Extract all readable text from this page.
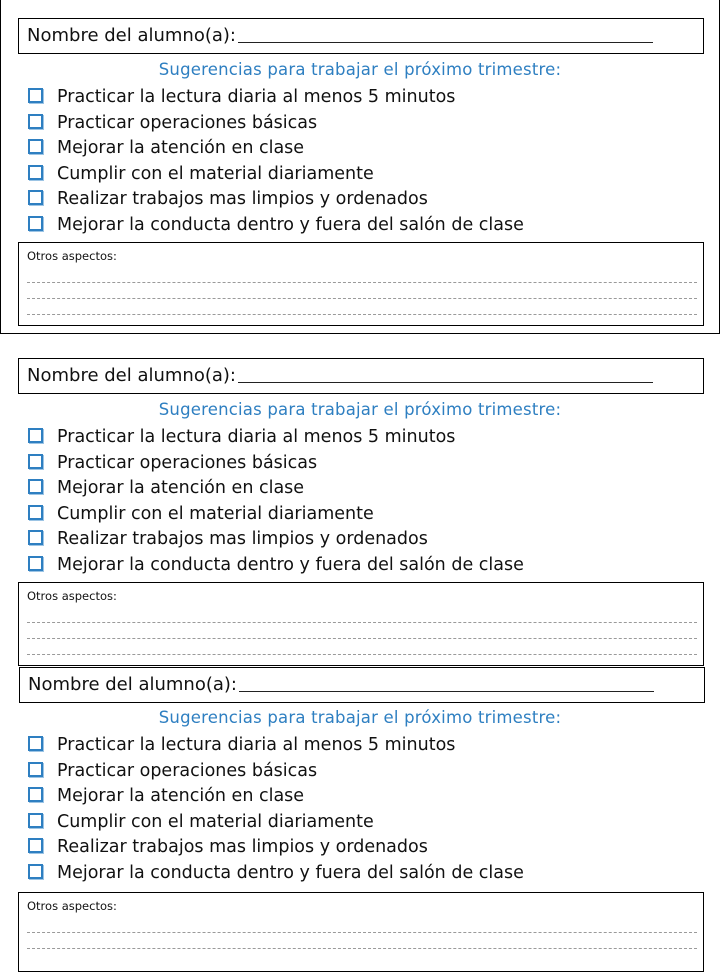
Nombre del alumno(a):
Sugerencias para trabajar el próximo trimestre:
Practicar la lectura diaria al menos 5 minutos
Practicar operaciones básicas
Mejorar la atención en clase
Cumplir con el material diariamente
Realizar trabajos mas limpios y ordenados
Mejorar la conducta dentro y fuera del salón de clase
Otros aspectos:
Nombre del alumno(a):
Sugerencias para trabajar el próximo trimestre:
Practicar la lectura diaria al menos 5 minutos
Practicar operaciones básicas
Mejorar la atención en clase
Cumplir con el material diariamente
Realizar trabajos mas limpios y ordenados
Mejorar la conducta dentro y fuera del salón de clase
Otros aspectos:
Nombre del alumno(a):
Sugerencias para trabajar el próximo trimestre:
Practicar la lectura diaria al menos 5 minutos
Practicar operaciones básicas
Mejorar la atención en clase
Cumplir con el material diariamente
Realizar trabajos mas limpios y ordenados
Mejorar la conducta dentro y fuera del salón de clase
Otros aspectos:
